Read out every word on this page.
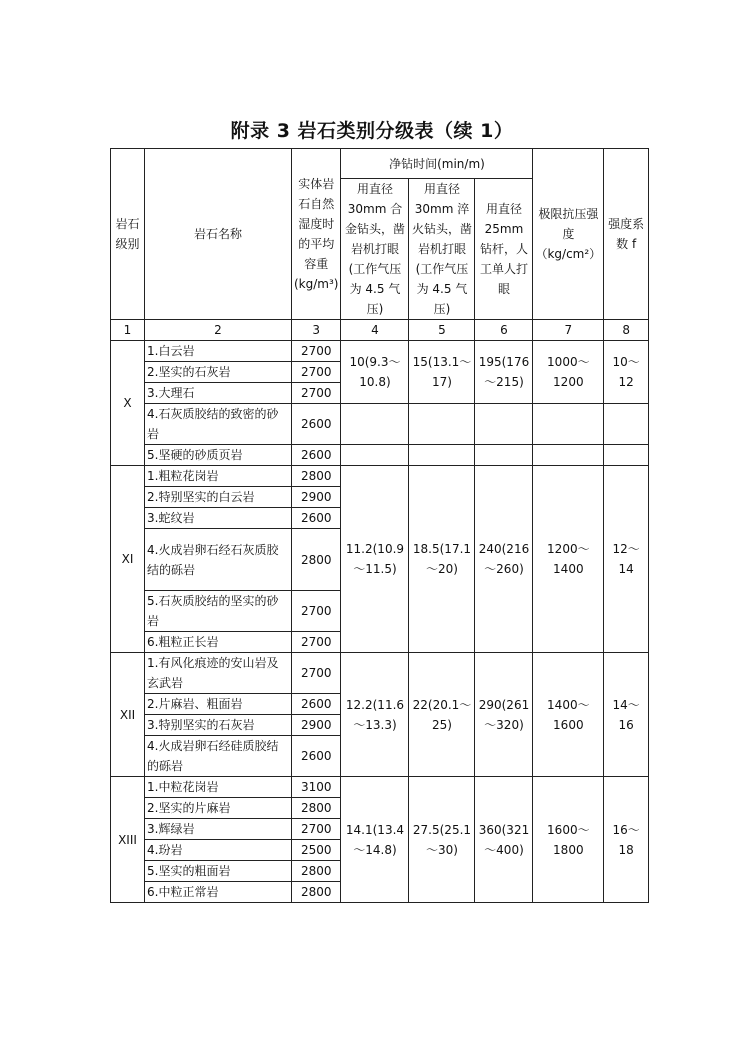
附录 3 岩石类别分级表（续 1）
岩石级别	岩石名称	实体岩石自然湿度时的平均容重(kg/m³)	净钻时间(min/m)			极限抗压强度（kg/cm²）	强度系数 f
			用直径 30mm 合金钻头，凿岩机打眼(工作气压为 4.5 气压)	用直径 30mm 淬火钻头，凿岩机打眼(工作气压为 4.5 气压)	用直径 25mm 钻杆，人工单人打眼		
1	2	3	4	5	6	7	8
X	1.白云岩	2700	10(9.3～10.8)	15(13.1～17)	195(176～215)	1000～1200	10～12
	2.坚实的石灰岩	2700					
	3.大理石	2700					
	4.石灰质胶结的致密的砂岩	2600					
	5.坚硬的砂质页岩	2600					
XI	1.粗粒花岗岩	2800	11.2(10.9～11.5)	18.5(17.1～20)	240(216～260)	1200～1400	12～14
	2.特别坚实的白云岩	2900					
	3.蛇纹岩	2600					
	4.火成岩卵石经石灰质胶结的砾岩	2800					
	5.石灰质胶结的坚实的砂岩	2700					
	6.粗粒正长岩	2700					
XII	1.有风化痕迹的安山岩及玄武岩	2700	12.2(11.6～13.3)	22(20.1～25)	290(261～320)	1400～1600	14～16
	2.片麻岩、粗面岩	2600					
	3.特别坚实的石灰岩	2900					
	4.火成岩卵石经硅质胶结的砾岩	2600					
XIII	1.中粒花岗岩	3100	14.1(13.4～14.8)	27.5(25.1～30)	360(321～400)	1600～1800	16～18
	2.坚实的片麻岩	2800					
	3.辉绿岩	2700					
	4.玢岩	2500					
	5.坚实的粗面岩	2800					
	6.中粒正常岩	2800					
